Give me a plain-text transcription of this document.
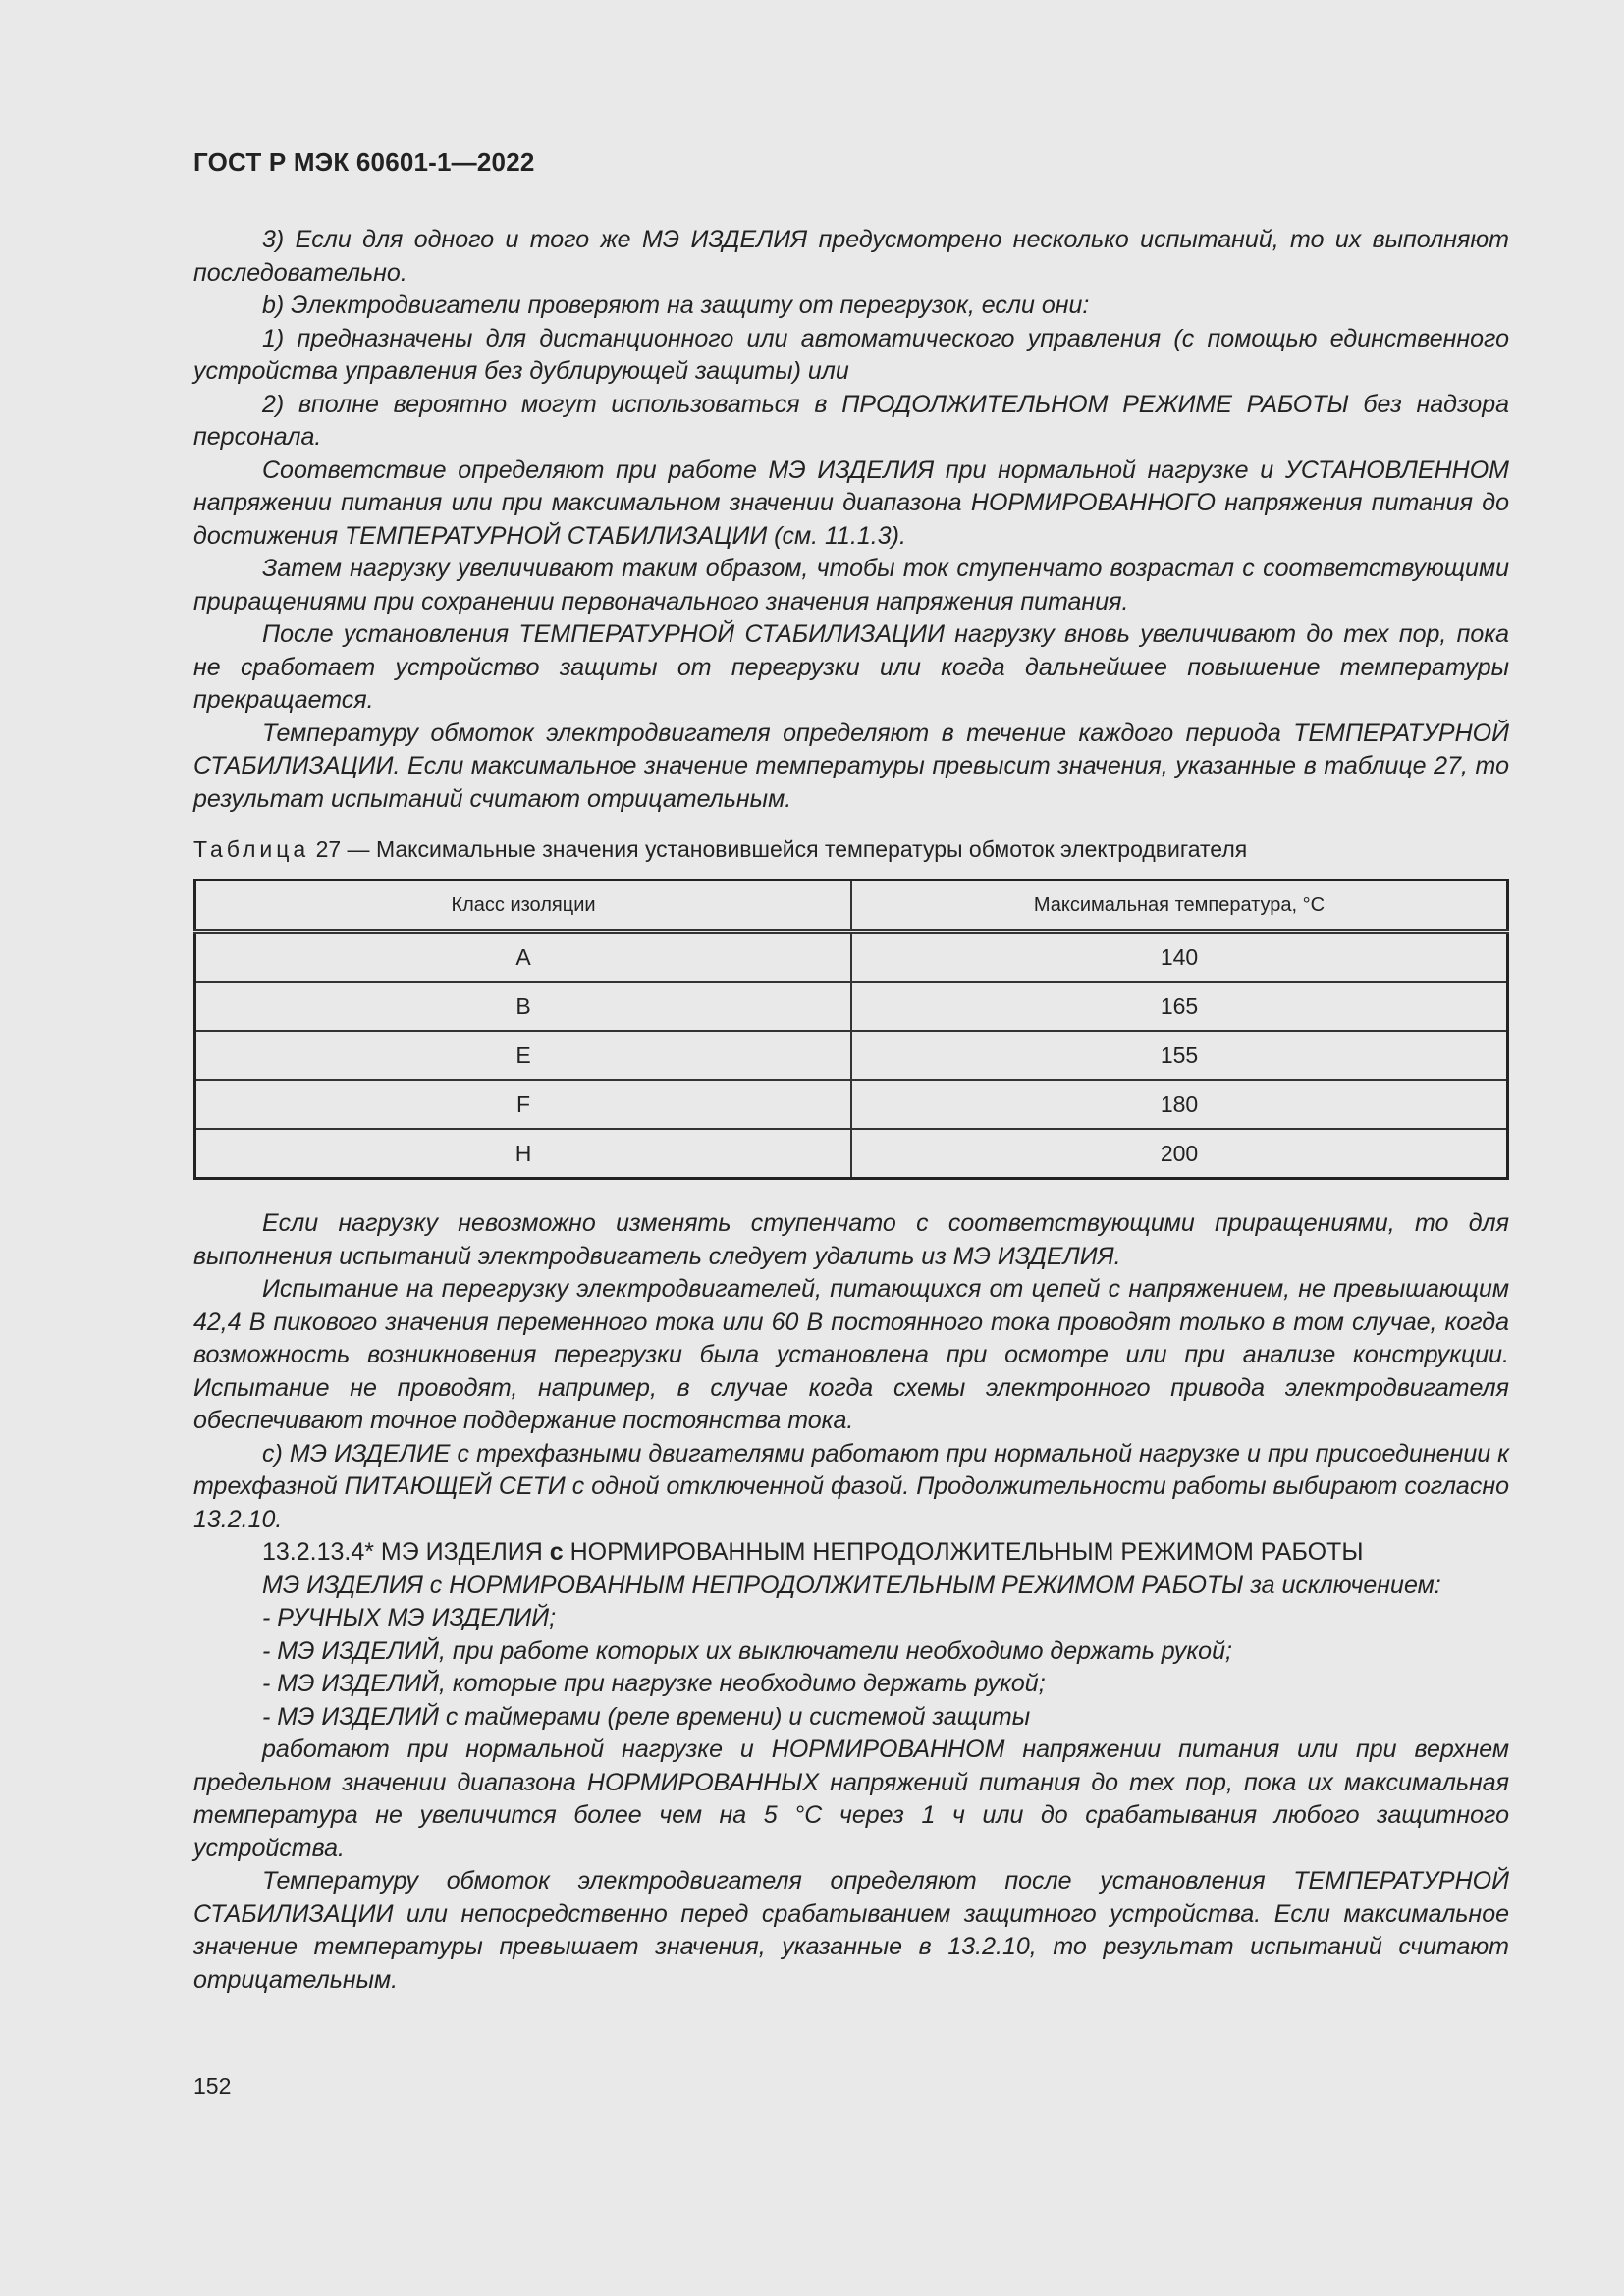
ГОСТ Р МЭК 60601-1—2022

3) Если для одного и того же МЭ ИЗДЕЛИЯ предусмотрено несколько испытаний, то их выполняют последовательно.

b) Электродвигатели проверяют на защиту от перегрузок, если они:

1) предназначены для дистанционного или автоматического управления (с помощью единственного устройства управления без дублирующей защиты) или

2) вполне вероятно могут использоваться в ПРОДОЛЖИТЕЛЬНОМ РЕЖИМЕ РАБОТЫ без надзора персонала.

Соответствие определяют при работе МЭ ИЗДЕЛИЯ при нормальной нагрузке и УСТАНОВЛЕННОМ напряжении питания или при максимальном значении диапазона НОРМИРОВАННОГО напряжения питания до достижения ТЕМПЕРАТУРНОЙ СТАБИЛИЗАЦИИ (см. 11.1.3).

Затем нагрузку увеличивают таким образом, чтобы ток ступенчато возрастал с соответствующими приращениями при сохранении первоначального значения напряжения питания.

После установления ТЕМПЕРАТУРНОЙ СТАБИЛИЗАЦИИ нагрузку вновь увеличивают до тех пор, пока не сработает устройство защиты от перегрузки или когда дальнейшее повышение температуры прекращается.

Температуру обмоток электродвигателя определяют в течение каждого периода ТЕМПЕРАТУРНОЙ СТАБИЛИЗАЦИИ. Если максимальное значение температуры превысит значения, указанные в таблице 27, то результат испытаний считают отрицательным.

Таблица 27 — Максимальные значения установившейся температуры обмоток электродвигателя
Класс изоляции	Максимальная температура, °C
A	140
B	165
E	155
F	180
H	200

Если нагрузку невозможно изменять ступенчато с соответствующими приращениями, то для выполнения испытаний электродвигатель следует удалить из МЭ ИЗДЕЛИЯ.

Испытание на перегрузку электродвигателей, питающихся от цепей с напряжением, не превышающим 42,4 В пикового значения переменного тока или 60 В постоянного тока проводят только в том случае, когда возможность возникновения перегрузки была установлена при осмотре или при анализе конструкции. Испытание не проводят, например, в случае когда схемы электронного привода электродвигателя обеспечивают точное поддержание постоянства тока.

c) МЭ ИЗДЕЛИЕ с трехфазными двигателями работают при нормальной нагрузке и при присоединении к трехфазной ПИТАЮЩЕЙ СЕТИ с одной отключенной фазой. Продолжительности работы выбирают согласно 13.2.10.

13.2.13.4* МЭ ИЗДЕЛИЯ с НОРМИРОВАННЫМ НЕПРОДОЛЖИТЕЛЬНЫМ РЕЖИМОМ РАБОТЫ

МЭ ИЗДЕЛИЯ с НОРМИРОВАННЫМ НЕПРОДОЛЖИТЕЛЬНЫМ РЕЖИМОМ РАБОТЫ за исключением:

- РУЧНЫХ МЭ ИЗДЕЛИЙ;

- МЭ ИЗДЕЛИЙ, при работе которых их выключатели необходимо держать рукой;

- МЭ ИЗДЕЛИЙ, которые при нагрузке необходимо держать рукой;

- МЭ ИЗДЕЛИЙ с таймерами (реле времени) и системой защиты

работают при нормальной нагрузке и НОРМИРОВАННОМ напряжении питания или при верхнем предельном значении диапазона НОРМИРОВАННЫХ напряжений питания до тех пор, пока их максимальная температура не увеличится более чем на 5 °C через 1 ч или до срабатывания любого защитного устройства.

Температуру обмоток электродвигателя определяют после установления ТЕМПЕРАТУРНОЙ СТАБИЛИЗАЦИИ или непосредственно перед срабатыванием защитного устройства. Если максимальное значение температуры превышает значения, указанные в 13.2.10, то результат испытаний считают отрицательным.

152
